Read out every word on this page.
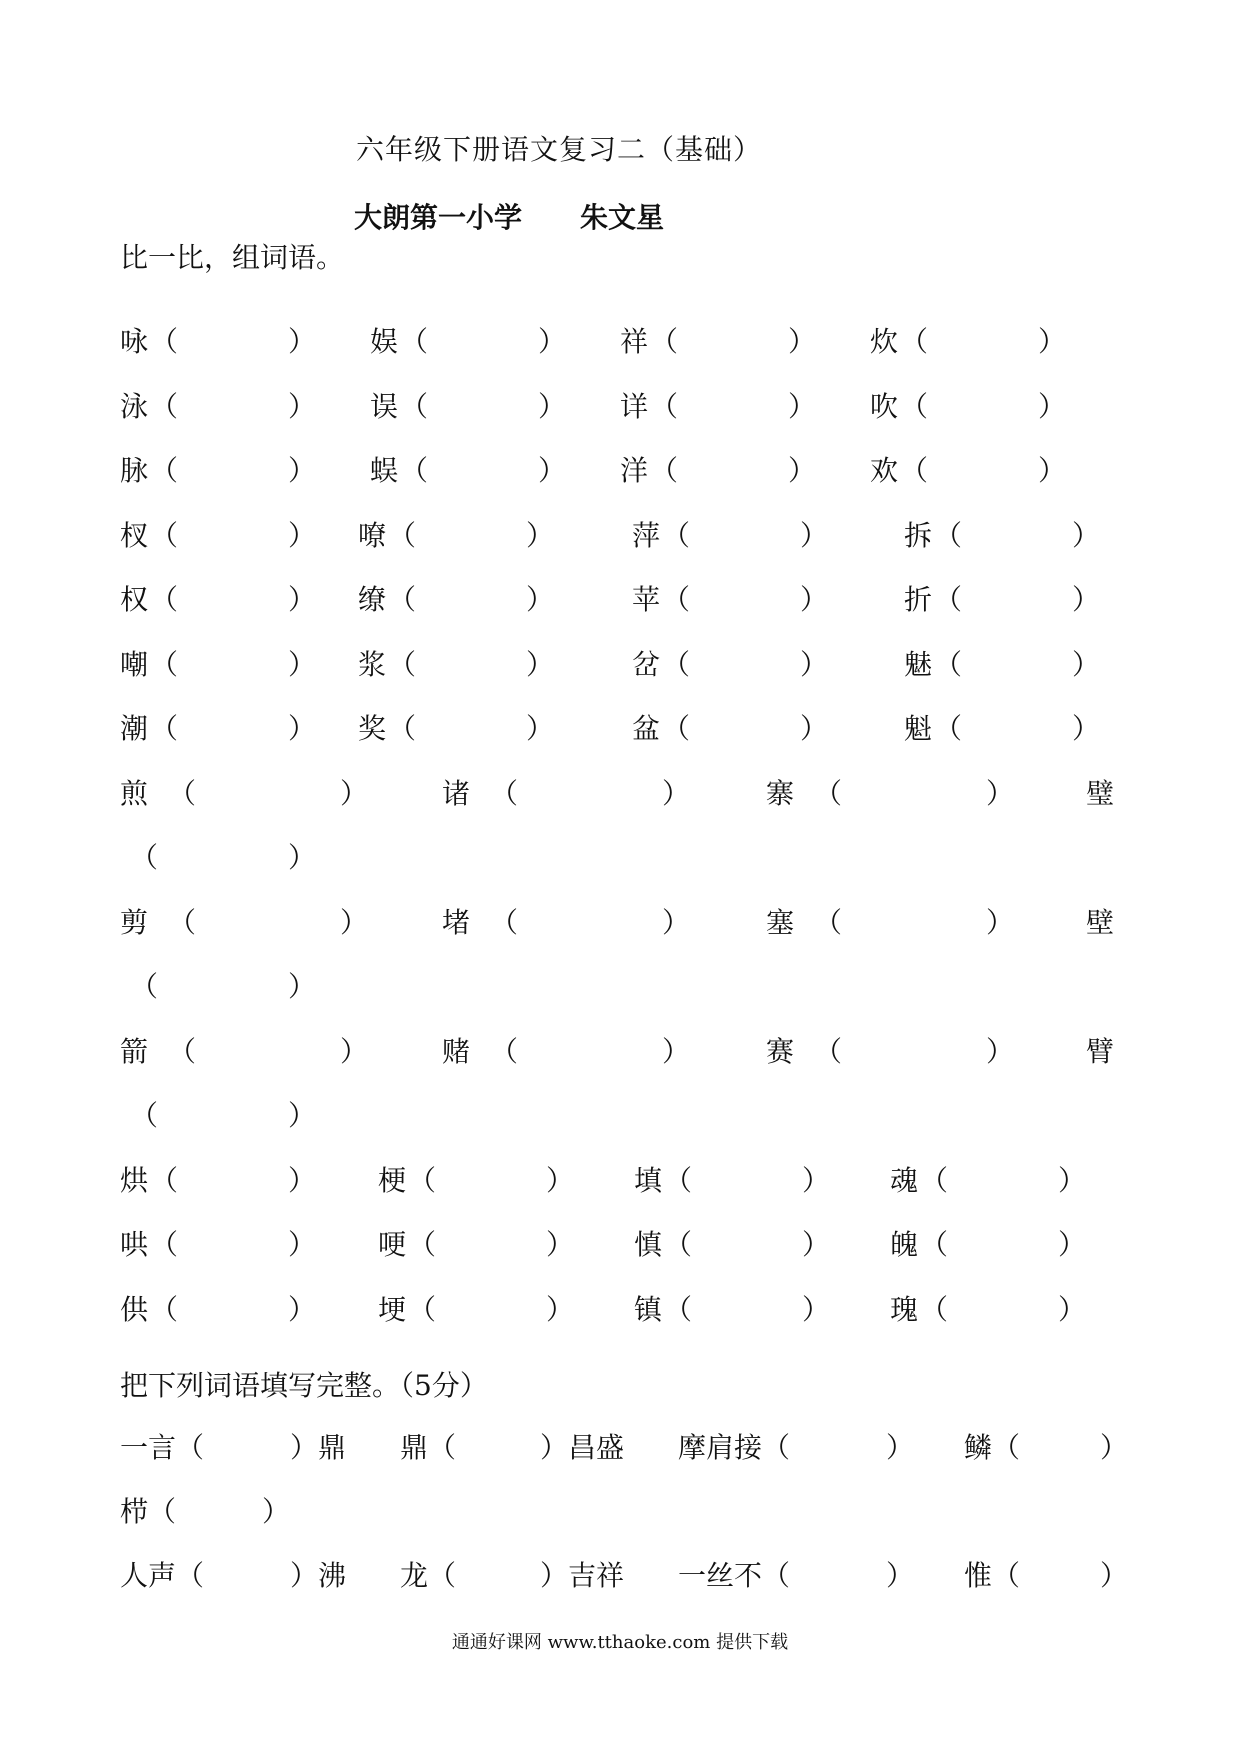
六年级下册语文复习二（基础）
大朗第一小学 朱文星
比一比，组词语。
咏 （	） 娱 （	） 祥 （	） 炊 （	）
泳 （	） 误 （	） 详 （	） 吹 （	）
脉 （	） 蜈 （	） 洋 （	） 欢 （	）
杈 （	） 嘹 （	）	萍 （	）	拆 （	）
权 （	） 缭 （	）	苹 （	）	折 （	）
嘲 （	） 浆 （	）	岔 （	）	魅 （	）
潮 （	） 奖 （	）	盆 （	）	魁 （	）
煎 （	）	诸 （	）	寨 （	）	璧
（	）
剪 （	）	堵 （	）	塞 （	）	壁
（	）
箭 （	）	赌 （	）	赛 （	）	臂
（	）
烘 （	） 梗 （	） 填 （	） 魂 （	）
哄 （	） 哽 （	） 慎 （	） 魄 （	）
供 （	） 埂 （	） 镇 （	） 瑰 （	）
把下列词语填写完整。（5分）
一言（	）鼎 鼎（	）昌盛 摩肩接（	） 鳞（	）
栉（	）
人声（	）沸 龙（	）吉祥 一丝不（	） 惟（	）
通通好课网 www.tthaoke.com 提供下载
